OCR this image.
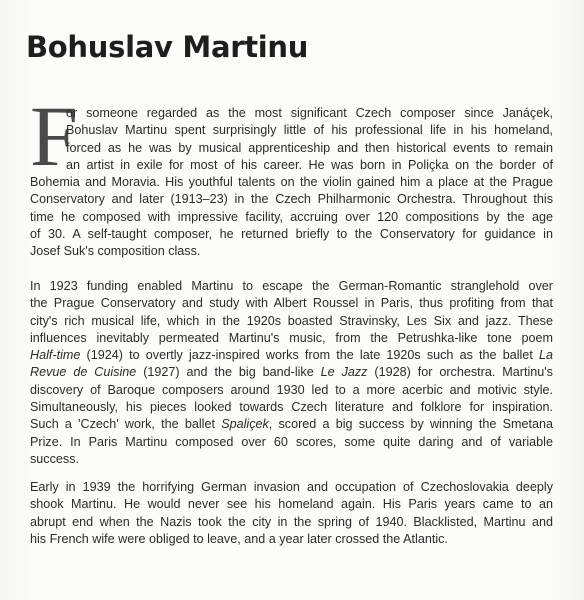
Bohuslav Martinu
F
or someone regarded as the most significant Czech composer since Janáçek,
Bohuslav Martinu spent surprisingly little of his professional life in his homeland,
forced as he was by musical apprenticeship and then historical events to remain
an artist in exile for most of his career. He was born in Poliçka on the border of
Bohemia and Moravia. His youthful talents on the violin gained him a place at the Prague
Conservatory and later (1913–23) in the Czech Philharmonic Orchestra. Throughout this
time he composed with impressive facility, accruing over 120 compositions by the age
of 30. A self-taught composer, he returned briefly to the Conservatory for guidance in
Josef Suk's composition class.
In 1923 funding enabled Martinu to escape the German-Romantic stranglehold over
the Prague Conservatory and study with Albert Roussel in Paris, thus profiting from that
city's rich musical life, which in the 1920s boasted Stravinsky, Les Six and jazz. These
influences inevitably permeated Martinu's music, from the Petrushka-like tone poem
Half-time (1924) to overtly jazz-inspired works from the late 1920s such as the ballet La
Revue de Cuisine (1927) and the big band-like Le Jazz (1928) for orchestra. Martinu's
discovery of Baroque composers around 1930 led to a more acerbic and motivic style.
Simultaneously, his pieces looked towards Czech literature and folklore for inspiration.
Such a 'Czech' work, the ballet Spaliçek, scored a big success by winning the Smetana
Prize. In Paris Martinu composed over 60 scores, some quite daring and of variable
success.
Early in 1939 the horrifying German invasion and occupation of Czechoslovakia deeply
shook Martinu. He would never see his homeland again. His Paris years came to an
abrupt end when the Nazis took the city in the spring of 1940. Blacklisted, Martinu and
his French wife were obliged to leave, and a year later crossed the Atlantic.
